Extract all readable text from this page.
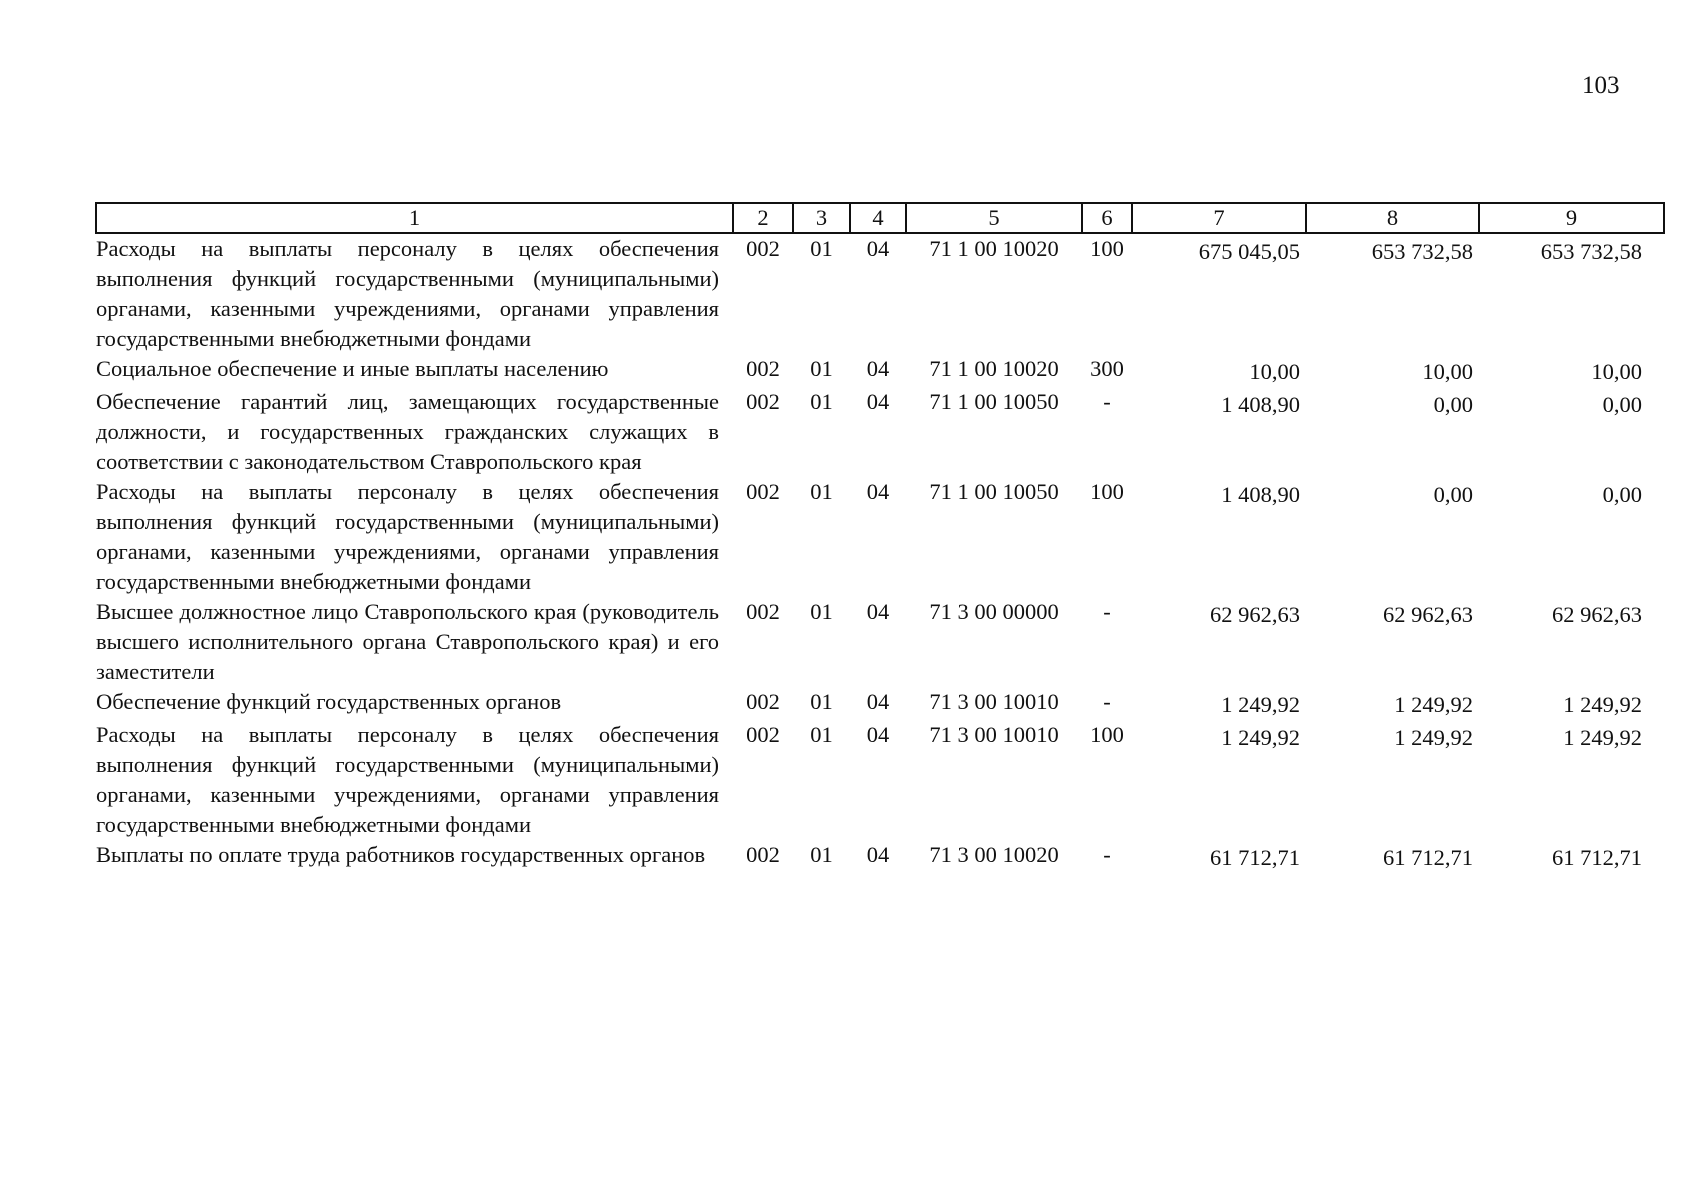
103
1	2	3	4	5	6	7	8	9
Расходы на выплаты персоналу в целях обеспечения выполнения функций государственными (муниципальными) органами, казенными учреждениями, органами управления государственными внебюджетными фондами	002	01	04	71 1 00 10020	100	675 045,05	653 732,58	653 732,58
Социальное обеспечение и иные выплаты населению	002	01	04	71 1 00 10020	300	10,00	10,00	10,00
Обеспечение гарантий лиц, замещающих государственные должности, и государственных гражданских служащих в соответствии с законодательством Ставропольского края	002	01	04	71 1 00 10050	-	1 408,90	0,00	0,00
Расходы на выплаты персоналу в целях обеспечения выполнения функций государственными (муниципальными) органами, казенными учреждениями, органами управления государственными внебюджетными фондами	002	01	04	71 1 00 10050	100	1 408,90	0,00	0,00
Высшее должностное лицо Ставропольского края (руководитель высшего исполнительного органа Ставропольского края) и его заместители	002	01	04	71 3 00 00000	-	62 962,63	62 962,63	62 962,63
Обеспечение функций государственных органов	002	01	04	71 3 00 10010	-	1 249,92	1 249,92	1 249,92
Расходы на выплаты персоналу в целях обеспечения выполнения функций государственными (муниципальными) органами, казенными учреждениями, органами управления государственными внебюджетными фондами	002	01	04	71 3 00 10010	100	1 249,92	1 249,92	1 249,92
Выплаты по оплате труда работников государственных органов	002	01	04	71 3 00 10020	-	61 712,71	61 712,71	61 712,71
